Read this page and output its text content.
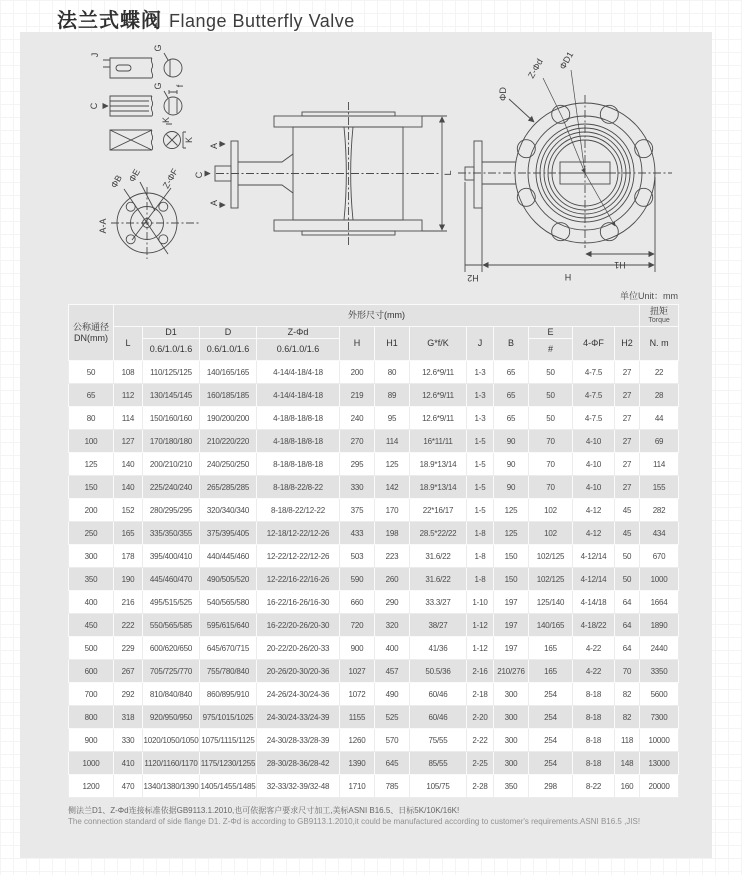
法兰式蝶阀 Flange Butterfly Valve
J
G
C
G f
K
K
A-A
ΦB ΦE Z-ΦF
A
A
C	L
ΦD
Z-Φd ΦD1
H2	H
H1
单位Unit：mm
公称通径
DN(mm)	外形尺寸(mm)												扭矩
Torque

	L	D1	D	Z-Φd	H	H1	G*f/K	J	B	E	4-ΦF	H2	N. m
		0.6/1.0/1.6	0.6/1.0/1.6	0.6/1.0/1.6						#			
50	108	110/125/125	140/165/165	4-14/4-18/4-18	200	80	12.6*9/11	1-3	65	50	4-7.5	27	22
65	112	130/145/145	160/185/185	4-14/4-18/4-18	219	89	12.6*9/11	1-3	65	50	4-7.5	27	28
80	114	150/160/160	190/200/200	4-18/8-18/8-18	240	95	12.6*9/11	1-3	65	50	4-7.5	27	44
100	127	170/180/180	210/220/220	4-18/8-18/8-18	270	114	16*11/11	1-5	90	70	4-10	27	69
125	140	200/210/210	240/250/250	8-18/8-18/8-18	295	125	18.9*13/14	1-5	90	70	4-10	27	114
150	140	225/240/240	265/285/285	8-18/8-22/8-22	330	142	18.9*13/14	1-5	90	70	4-10	27	155
200	152	280/295/295	320/340/340	8-18/8-22/12-22	375	170	22*16/17	1-5	125	102	4-12	45	282
250	165	335/350/355	375/395/405	12-18/12-22/12-26	433	198	28.5*22/22	1-8	125	102	4-12	45	434
300	178	395/400/410	440/445/460	12-22/12-22/12-26	503	223	31.6/22	1-8	150	102/125	4-12/14	50	670
350	190	445/460/470	490/505/520	12-22/16-22/16-26	590	260	31.6/22	1-8	150	102/125	4-12/14	50	1000
400	216	495/515/525	540/565/580	16-22/16-26/16-30	660	290	33.3/27	1-10	197	125/140	4-14/18	64	1664
450	222	550/565/585	595/615/640	16-22/20-26/20-30	720	320	38/27	1-12	197	140/165	4-18/22	64	1890
500	229	600/620/650	645/670/715	20-22/20-26/20-33	900	400	41/36	1-12	197	165	4-22	64	2440
600	267	705/725/770	755/780/840	20-26/20-30/20-36	1027	457	50.5/36	2-16	210/276	165	4-22	70	3350
700	292	810/840/840	860/895/910	24-26/24-30/24-36	1072	490	60/46	2-18	300	254	8-18	82	5600
800	318	920/950/950	975/1015/1025	24-30/24-33/24-39	1155	525	60/46	2-20	300	254	8-18	82	7300
900	330	1020/1050/1050	1075/1115/1125	24-30/28-33/28-39	1260	570	75/55	2-22	300	254	8-18	118	10000
1000	410	1120/1160/1170	1175/1230/1255	28-30/28-36/28-42	1390	645	85/55	2-25	300	254	8-18	148	13000
1200	470	1340/1380/1390	1405/1455/1485	32-33/32-39/32-48	1710	785	105/75	2-28	350	298	8-22	160	20000
侧法兰D1、Z-Φd连接标准依据GB9113.1.2010,也可依据客户要求尺寸加工,美标ASNI B16.5、日标5K/10K/16K!
The connection standard of side flange D1. Z-Φd is according to GB9113.1.2010,it could be manufactured according to customer's requirements.ASNI B16.5 ,JIS!
